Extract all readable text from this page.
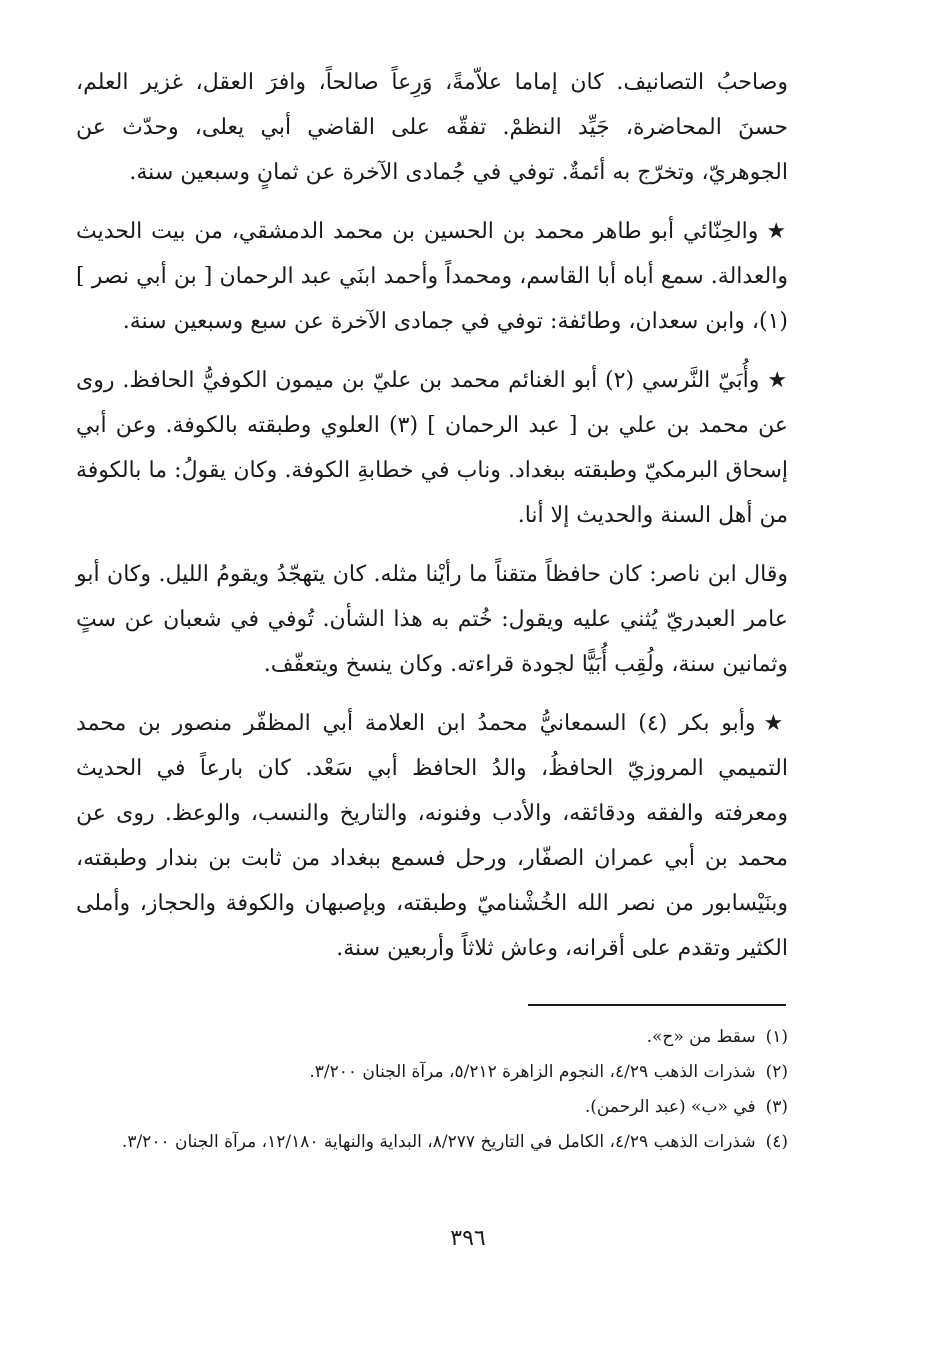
وصاحبُ التصانيف. كان إماما علاّمةً، وَرِعاً صالحاً، وافرَ العقل، غزير العلم، حسنَ المحاضرة، جَيِّد النظمْ. تفقّه على القاضي أبي يعلى، وحدّث عن الجوهريّ، وتخرّج به أئمةٌ. توفي في جُمادى الآخرة عن ثمانٍ وسبعين سنة.

★والحِنّائي أبو طاهر محمد بن الحسين بن محمد الدمشقي، من بيت الحديث والعدالة. سمع أباه أبا القاسم، ومحمداً وأحمد ابنَي عبد الرحمان [ بن أبي نصر ] (١)، وابن سعدان، وطائفة: توفي في جمادى الآخرة عن سبع وسبعين سنة.

★وأُبَيّ النَّرسي (٢) أبو الغنائم محمد بن عليّ بن ميمون الكوفيُّ الحافظ. روى عن محمد بن علي بن [ عبد الرحمان ] (٣) العلوي وطبقته بالكوفة. وعن أبي إسحاق البرمكيّ وطبقته ببغداد. وناب في خطابةِ الكوفة. وكان يقولُ: ما بالكوفة من أهل السنة والحديث إلا أنا.

وقال ابن ناصر: كان حافظاً متقناً ما رأيْنا مثله. كان يتهجّدُ ويقومُ الليل. وكان أبو عامر العبدريّ يُثني عليه ويقول: خُتم به هذا الشأن. تُوفي في شعبان عن ستٍ وثمانين سنة، ولُقِب أُبَيًّا لجودة قراءته. وكان ينسخ ويتعفّف.

★وأبو بكر (٤) السمعانيُّ محمدُ ابن العلامة أبي المظفّر منصور بن محمد التميمي المروزيّ الحافظُ، والدُ الحافظ أبي سَعْد. كان بارعاً في الحديث ومعرفته والفقه ودقائقه، والأدب وفنونه، والتاريخ والنسب، والوعظ. روى عن محمد بن أبي عمران الصفّار، ورحل فسمع ببغداد من ثابت بن بندار وطبقته، وبنَيْسابور من نصر الله الخُشْناميّ وطبقته، وبإصبهان والكوفة والحجاز، وأملى الكثير وتقدم على أقرانه، وعاش ثلاثاً وأربعين سنة.

(١)سقط من «ح».

(٢)شذرات الذهب ٤/٢٩، النجوم الزاهرة ٥/٢١٢، مرآة الجنان ٣/٢٠٠.

(٣)في «ب» (عبد الرحمن).

(٤)شذرات الذهب ٤/٢٩، الكامل في التاريخ ٨/٢٧٧، البداية والنهاية ١٢/١٨٠، مرآة الجنان ٣/٢٠٠.

٣٩٦
